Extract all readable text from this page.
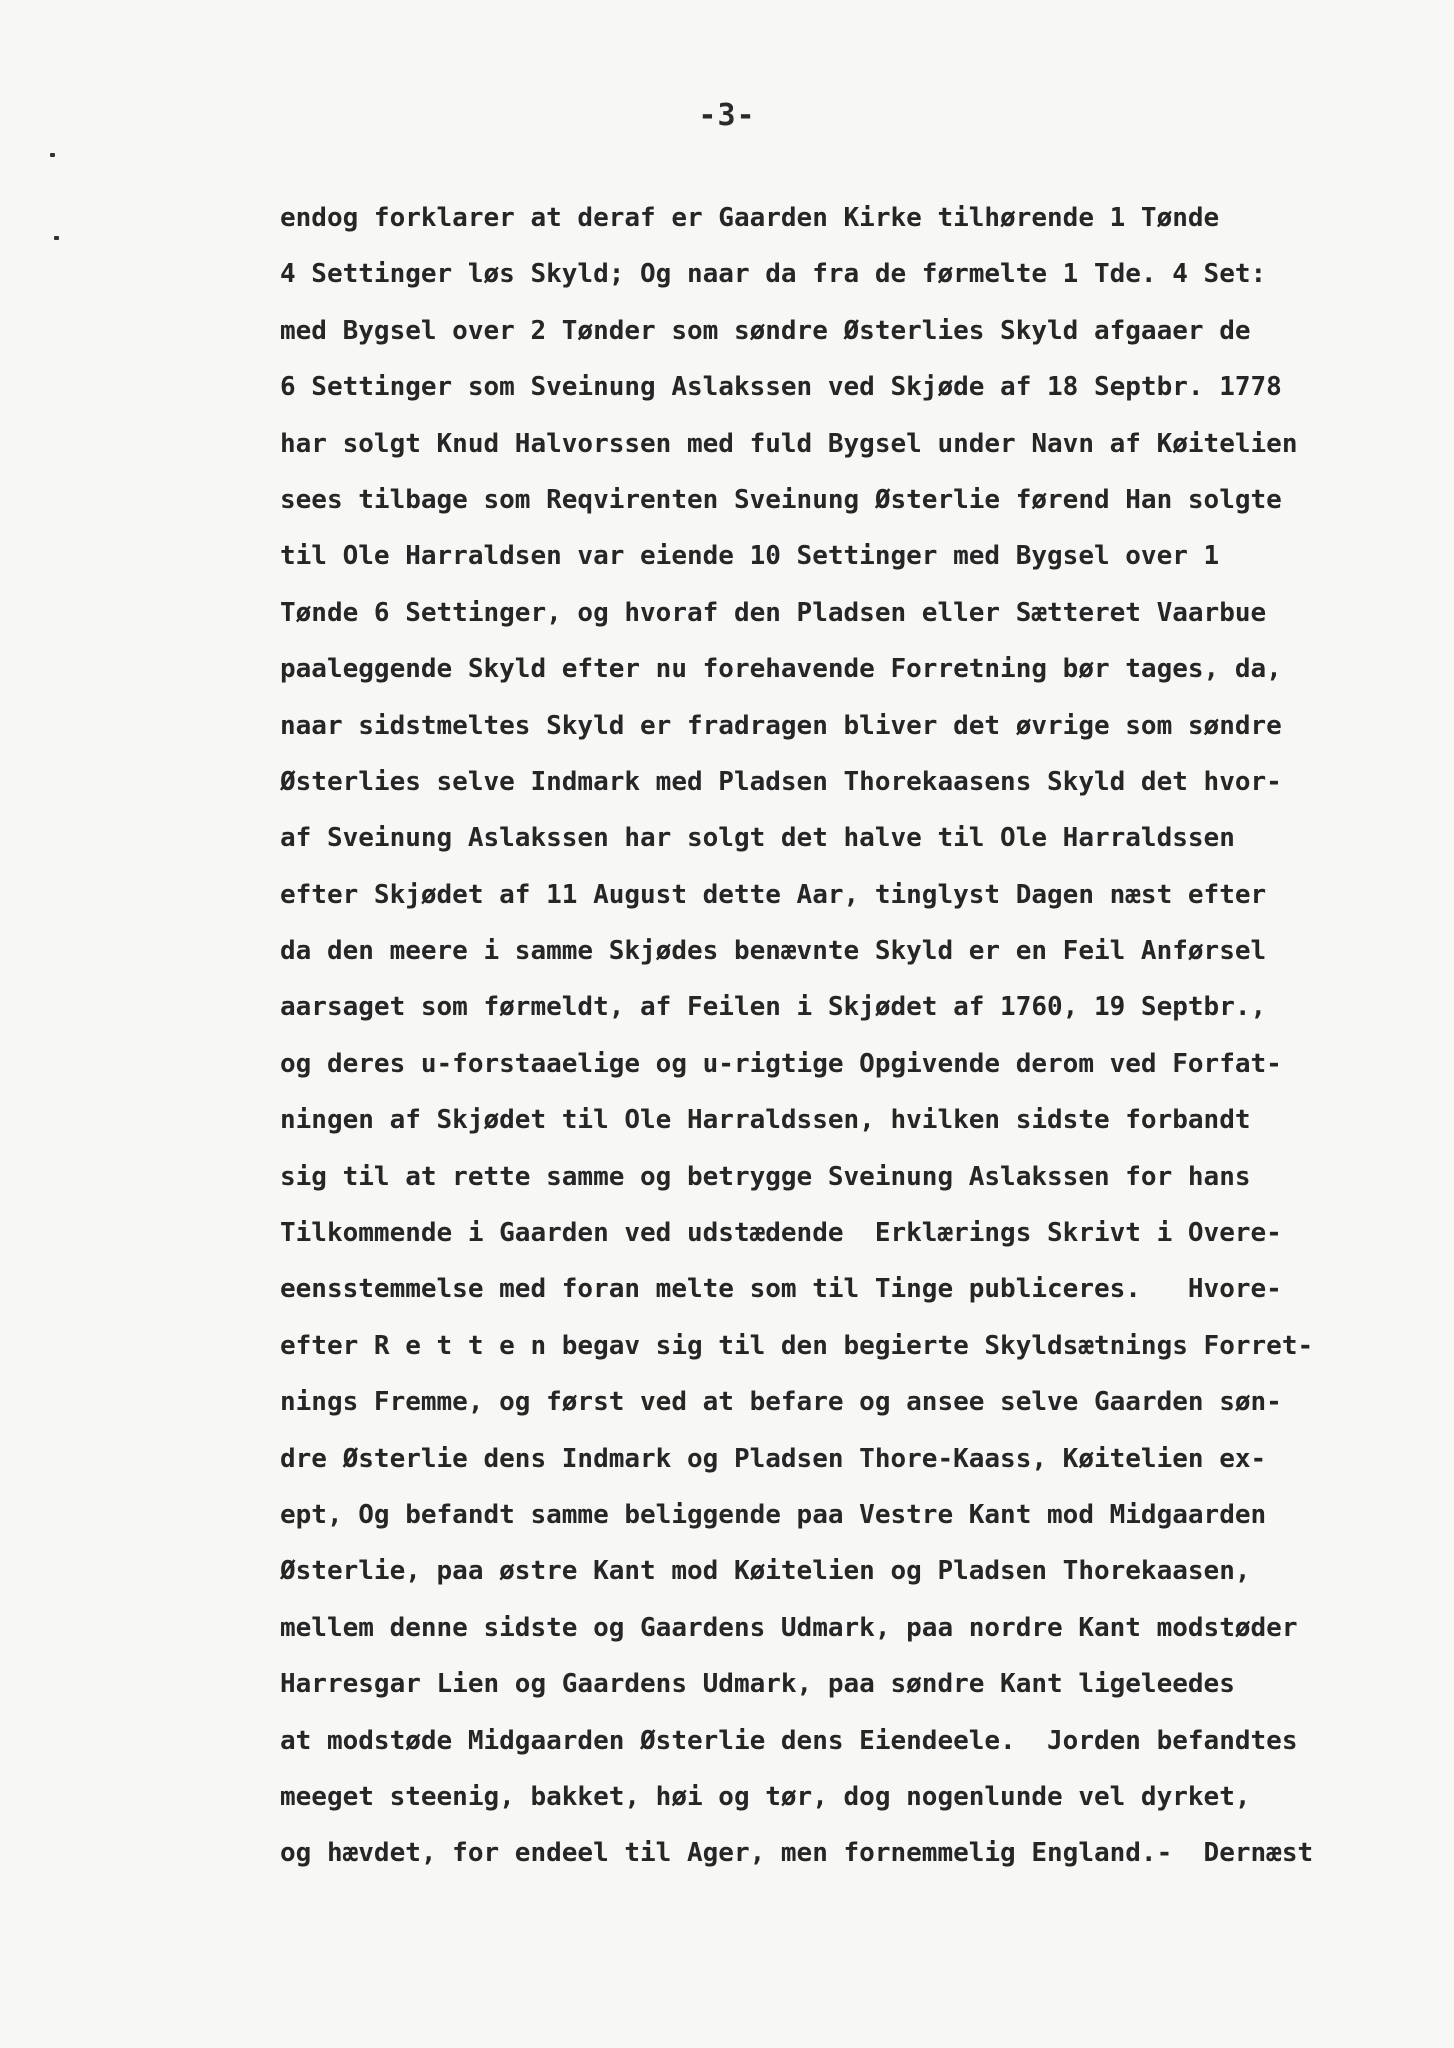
-3-
endog forklarer at deraf er Gaarden Kirke tilhørende 1 Tønde
4 Settinger løs Skyld; Og naar da fra de førmelte 1 Tde. 4 Set:
med Bygsel over 2 Tønder som søndre Østerlies Skyld afgaaer de
6 Settinger som Sveinung Aslakssen ved Skjøde af 18 Septbr. 1778
har solgt Knud Halvorssen med fuld Bygsel under Navn af Køitelien
sees tilbage som Reqvirenten Sveinung Østerlie førend Han solgte
til Ole Harraldsen var eiende 10 Settinger med Bygsel over 1
Tønde 6 Settinger, og hvoraf den Pladsen eller Sætteret Vaarbue
paaleggende Skyld efter nu forehavende Forretning bør tages, da,
naar sidstmeltes Skyld er fradragen bliver det øvrige som søndre
Østerlies selve Indmark med Pladsen Thorekaasens Skyld det hvor-
af Sveinung Aslakssen har solgt det halve til Ole Harraldssen
efter Skjødet af 11 August dette Aar, tinglyst Dagen næst efter
da den meere i samme Skjødes benævnte Skyld er en Feil Anførsel
aarsaget som førmeldt, af Feilen i Skjødet af 1760, 19 Septbr.,
og deres u-forstaaelige og u-rigtige Opgivende derom ved Forfat-
ningen af Skjødet til Ole Harraldssen, hvilken sidste forbandt
sig til at rette samme og betrygge Sveinung Aslakssen for hans
Tilkommende i Gaarden ved udstædende  Erklærings Skrivt i Overe-
eensstemmelse med foran melte som til Tinge publiceres.   Hvore-
efter R e t t e n begav sig til den begierte Skyldsætnings Forret-
nings Fremme, og først ved at befare og ansee selve Gaarden søn-
dre Østerlie dens Indmark og Pladsen Thore-Kaass, Køitelien ex-
ept, Og befandt samme beliggende paa Vestre Kant mod Midgaarden
Østerlie, paa østre Kant mod Køitelien og Pladsen Thorekaasen,
mellem denne sidste og Gaardens Udmark, paa nordre Kant modstøder
Harresgar Lien og Gaardens Udmark, paa søndre Kant ligeleedes
at modstøde Midgaarden Østerlie dens Eiendeele.  Jorden befandtes
meeget steenig, bakket, høi og tør, dog nogenlunde vel dyrket,
og hævdet, for endeel til Ager, men fornemmelig England.-  Dernæst
